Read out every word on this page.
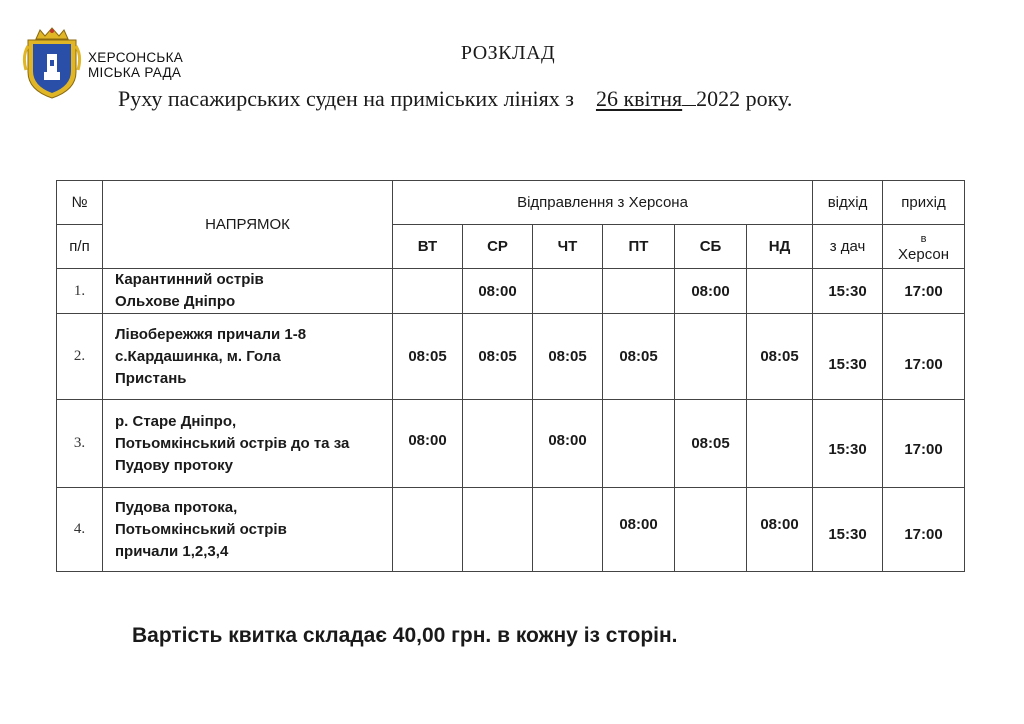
ХЕРСОНСЬКА
МІСЬКА РАДА
РОЗКЛАД
Руху пасажирських суден на приміських лініях з 26 квітня 2022 року.
№	НАПРЯМОК	Відправлення з Херсона						відхід	прихід
п/п		ВТ	СР	ЧТ	ПТ	СБ	НД	з дач	в
Херсон

1.	Карантинний острів
Ольхове Дніпро		08:00			08:00		15:30	17:00
2.	Лівобережжя причали 1-8
с.Кардашинка, м. Гола
Пристань	08:05	08:05	08:05	08:05		08:05	15:30	17:00
3.	р. Старе Дніпро,
Потьомкінський острів до та за
Пудову протоку	08:00		08:00		08:05		15:30	17:00
4.	Пудова протока,
Потьомкінський острів
причали 1,2,3,4				08:00		08:00	15:30	17:00
Вартість квитка складає 40,00 грн. в кожну із сторін.
